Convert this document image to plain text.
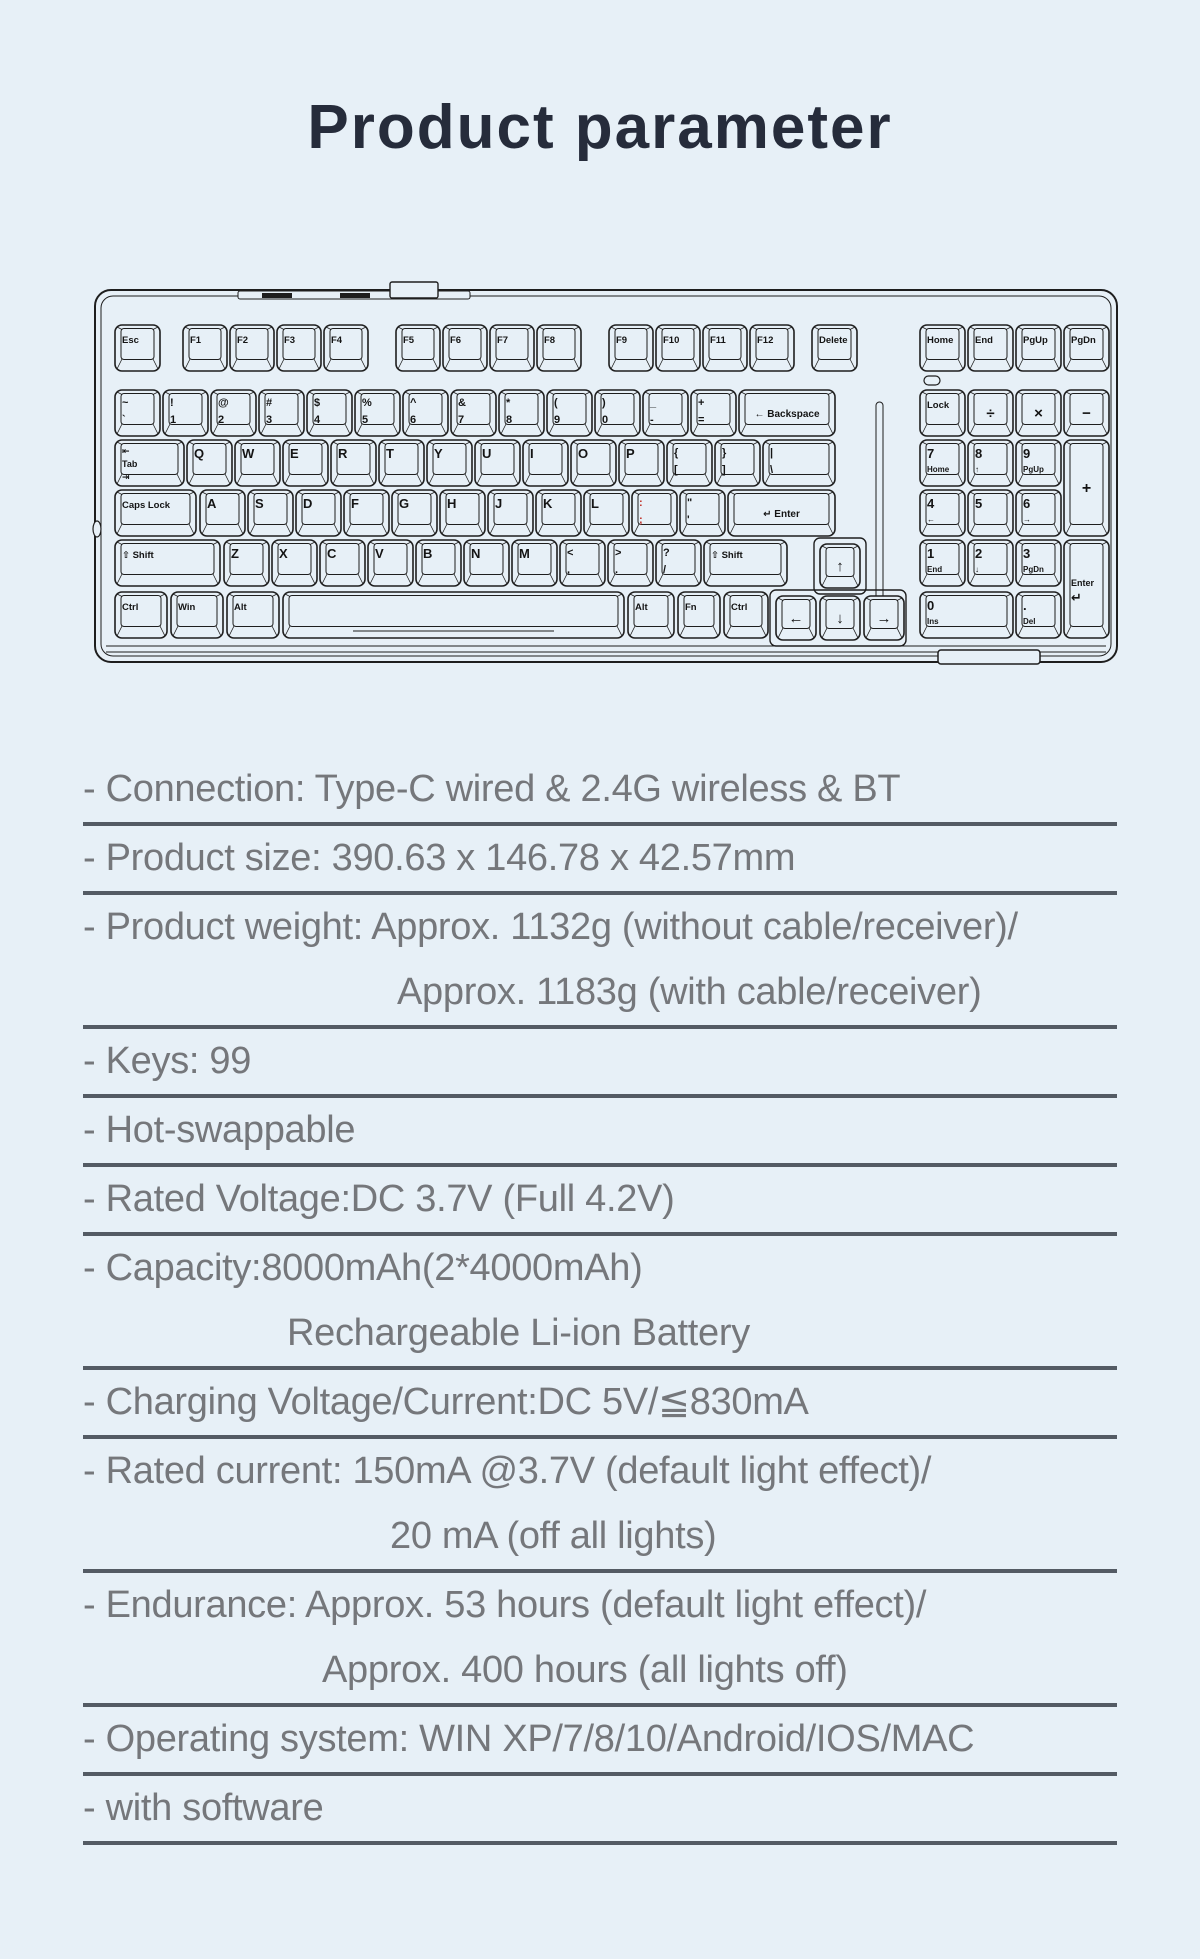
Product parameter
Esc	F1	F2	F3	F4	F5	F6	F7	F8	F9	F10	F11	F12	Delete	Home End	PgUp PgDn
~
`
!
1
@
2
#
3
$
4
%
5
^
6
&
7
*
8
(
9
)
0
_
-
+
=	← Backspace
Lock ÷	×	−
⇤
Tab
⇥
Q	W	E	R	T	Y	U	I	O	P	{
[
}
]
|
\
7
Home
8
↑
9
PgUp
+
Caps Lock	A	S	D	F	G	H	J	K	L	:
;
"
'	↵ Enter
4
←
5	6
→
⇧ Shift	Z	X	C	V	B	N	M	<
,
>
.
?
/
⇧ Shift
↑
1
End
2
↓
3
PgDn
Enter
↵
Ctrl	Win	Alt	Alt	Fn	Ctrl
← ↓ →
0
Ins
.
Del
- Connection: Type-C wired & 2.4G wireless & BT
- Product size: 390.63 x 146.78 x 42.57mm
- Product weight: Approx. 1132g (without cable/receiver)/
Approx. 1183g (with cable/receiver)
- Keys: 99
- Hot-swappable
- Rated Voltage:DC 3.7V (Full 4.2V)
- Capacity:8000mAh(2*4000mAh)
Rechargeable Li-ion Battery
- Charging Voltage/Current:DC 5V/≦830mA
- Rated current: 150mA @3.7V (default light effect)/
20 mA (off all lights)
- Endurance: Approx. 53 hours (default light effect)/
Approx. 400 hours (all lights off)
- Operating system: WIN XP/7/8/10/Android/IOS/MAC
- with software
